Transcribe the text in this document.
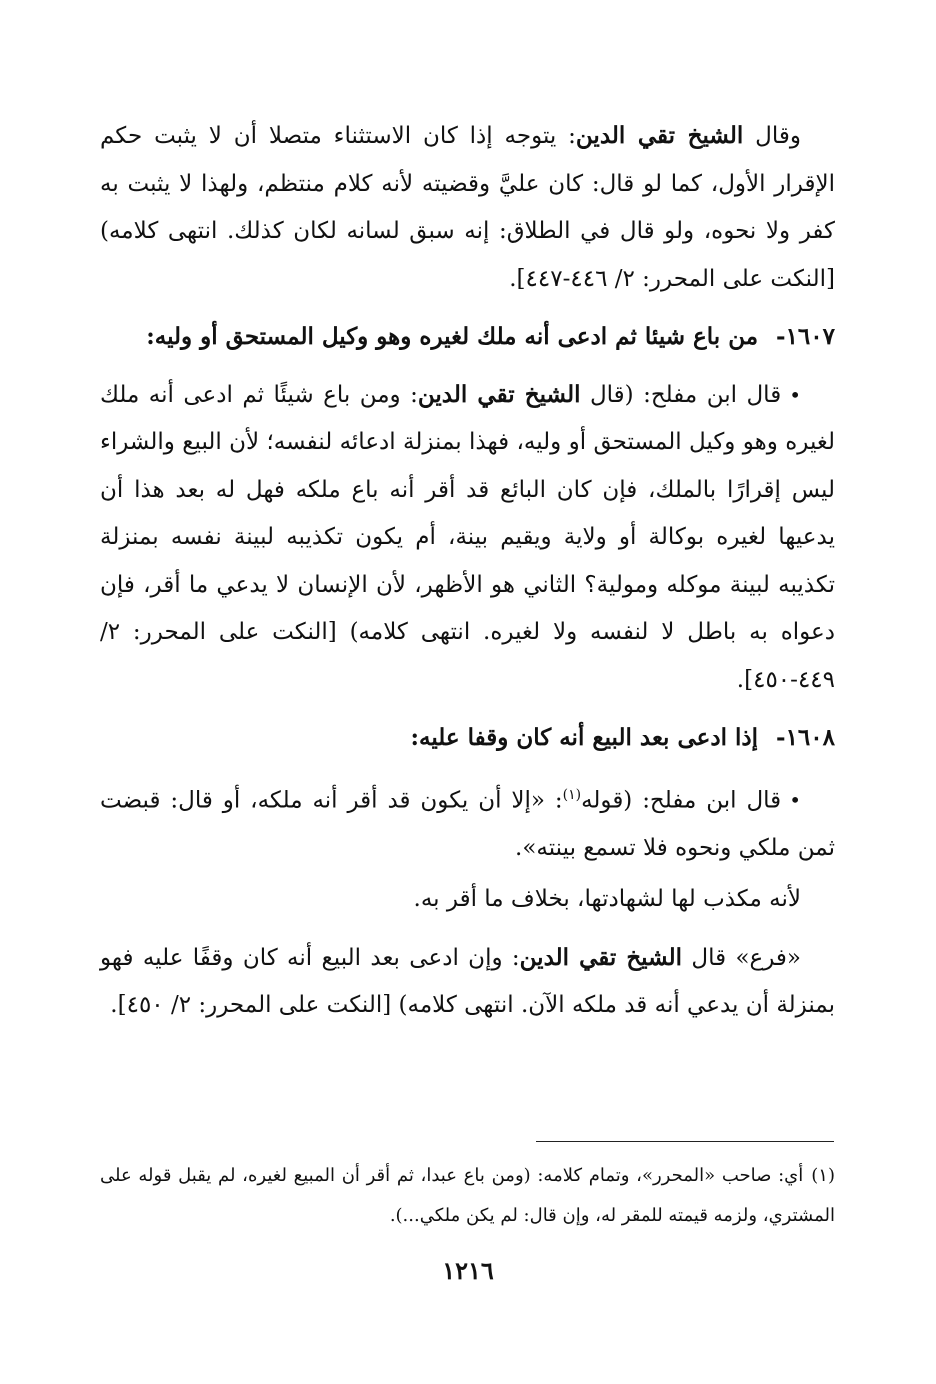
وقال الشيخ تقي الدين: يتوجه إذا كان الاستثناء متصلا أن لا يثبت حكم الإقرار الأول، كما لو قال: كان عليَّ وقضيته لأنه كلام منتظم، ولهذا لا يثبت به كفر ولا نحوه، ولو قال في الطلاق: إنه سبق لسانه لكان كذلك. انتهى كلامه) [النكت على المحرر: ٢/ ٤٤٦-٤٤٧].

١٦٠٧-من باع شيئا ثم ادعى أنه ملك لغيره وهو وكيل المستحق أو وليه:

•قال ابن مفلح: (قال الشيخ تقي الدين: ومن باع شيئًا ثم ادعى أنه ملك لغيره وهو وكيل المستحق أو وليه، فهذا بمنزلة ادعائه لنفسه؛ لأن البيع والشراء ليس إقرارًا بالملك، فإن كان البائع قد أقر أنه باع ملكه فهل له بعد هذا أن يدعيها لغيره بوكالة أو ولاية ويقيم بينة، أم يكون تكذيبه لبينة نفسه بمنزلة تكذيبه لبينة موكله ومولية؟ الثاني هو الأظهر، لأن الإنسان لا يدعي ما أقر، فإن دعواه به باطل لا لنفسه ولا لغيره. انتهى كلامه) [النكت على المحرر: ٢/ ٤٤٩-٤٥٠].

١٦٠٨-إذا ادعى بعد البيع أنه كان وقفا عليه:

•قال ابن مفلح: (قوله$^{(١)}$: «إلا أن يكون قد أقر أنه ملكه، أو قال: قبضت ثمن ملكي ونحوه فلا تسمع بينته».

لأنه مكذب لها لشهادتها، بخلاف ما أقر به.

«فرع» قال الشيخ تقي الدين: وإن ادعى بعد البيع أنه كان وقفًا عليه فهو بمنزلة أن يدعي أنه قد ملكه الآن. انتهى كلامه) [النكت على المحرر: ٢/ ٤٥٠].

(١)أي: صاحب «المحرر»، وتمام كلامه: (ومن باع عبدا، ثم أقر أن المبيع لغيره، لم يقبل قوله على المشتري، ولزمه قيمته للمقر له، وإن قال: لم يكن ملكي...).

١٢١٦
